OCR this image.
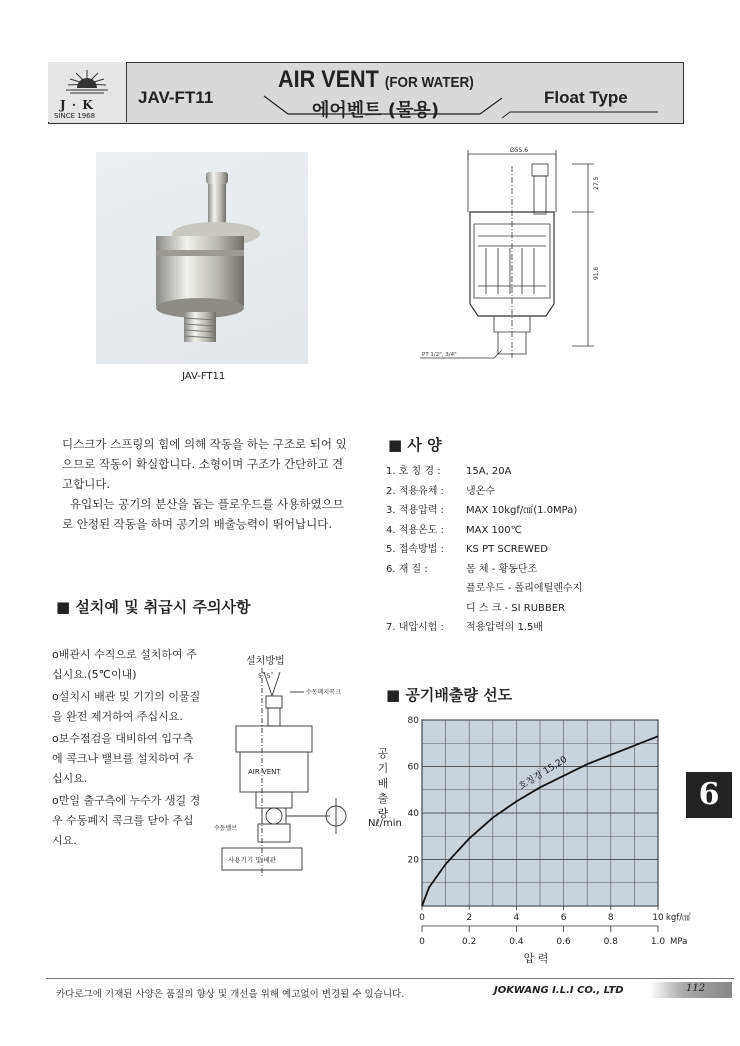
J · K
SINCE 1968
JAV-FT11
AIR VENT (FOR WATER)
에어벤트 (물용)
Float Type
JAV-FT11
Ø55.6
27.5
91.6
PT 1/2", 3/4"
디스크가 스프링의 힘에 의해 작동을 하는 구조로 되어 있으므로 작동이 확실합니다. 소형이며 구조가 간단하고 견고합니다.
유입되는 공기의 분산을 돕는 플로우드를 사용하였으므로 안정된 작동을 하며 공기의 배출능력이 뛰어납니다.
■ 사 양
1. 호 칭 경 :	15A, 20A
2. 적용유체 : 냉온수
3. 적용압력 : MAX 10kgf/㎠(1.0MPa)
4. 적용온도 : MAX 100℃
5. 접속방법 : KS PT SCREWED
6. 재 질 :	몸 체 - 황동단조
플로우드 - 폴리에틸렌수지
디 스 크 - SI RUBBER
7. 내압시험 : 적용압력의 1.5배
■ 설치예 및 취급시 주의사항
o배관시 수직으로 설치하여 주십시요.(5℃이내)
o설치시 배관 및 기기의 이물질을 완전 제거하여 주십시요.
o보수점검을 대비하여 입구측에 콕크나 밸브를 설치하여 주십시요.
o만일 출구측에 누수가 생길 경우 수동폐지 콕크를 닫아 주십시요.
설치방법
5˚ 5˚
수동폐지콕크
AIR VENT
수동밸브
사용기기 및 배관
■ 공기배출량 선도
공기배출량
Nℓ/min
호칭경 15,20
20
40
60
80
0	2	4	6	8	10
0	0.2	0.4	0.6	0.8	1.0
kgf/㎠
MPa
압 력
6
카다로그에 기재된 사양은 품질의 향상 및 개선을 위해 예고없이 변경될 수 있습니다.	JOKWANG I.L.I CO., LTD	112
